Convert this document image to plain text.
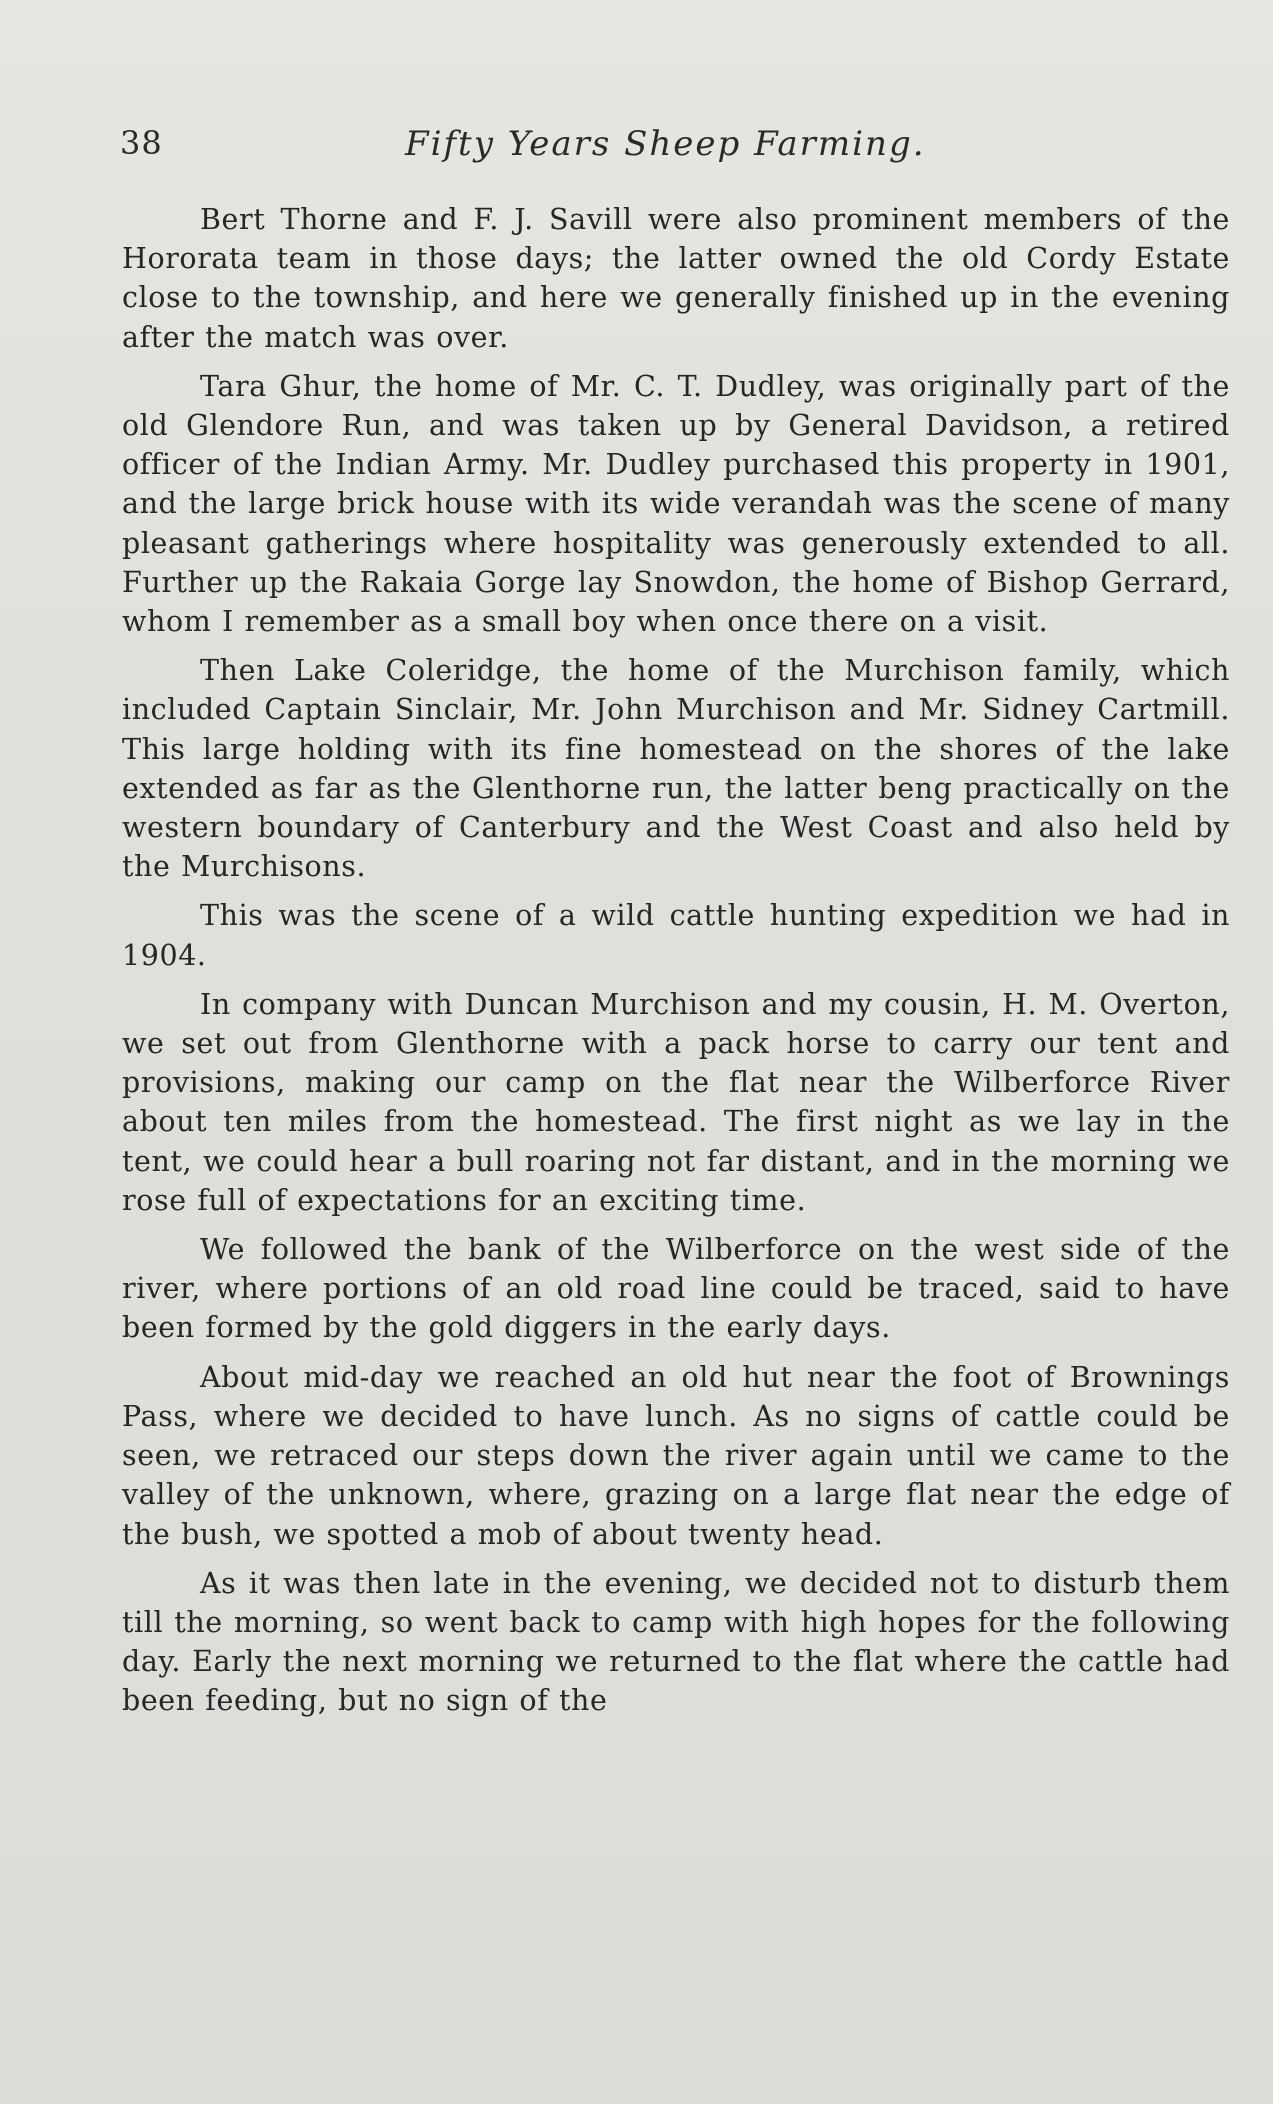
38	Fifty Years Sheep Farming.

Bert Thorne and F. J. Savill were also prominent members of the Hororata team in those days; the latter owned the old Cordy Estate close to the township, and here we generally finished up in the evening after the match was over.

Tara Ghur, the home of Mr. C. T. Dudley, was originally part of the old Glendore Run, and was taken up by General Davidson, a retired officer of the Indian Army. Mr. Dudley purchased this property in 1901, and the large brick house with its wide verandah was the scene of many pleasant gatherings where hospitality was generously extended to all. Further up the Rakaia Gorge lay Snowdon, the home of Bishop Gerrard, whom I remember as a small boy when once there on a visit.

Then Lake Coleridge, the home of the Murchison family, which included Captain Sinclair, Mr. John Murchison and Mr. Sidney Cartmill. This large holding with its fine homestead on the shores of the lake extended as far as the Glenthorne run, the latter beng practically on the western boundary of Canterbury and the West Coast and also held by the Murchisons.

This was the scene of a wild cattle hunting expedition we had in 1904.

In company with Duncan Murchison and my cousin, H. M. Overton, we set out from Glenthorne with a pack horse to carry our tent and provisions, making our camp on the flat near the Wilberforce River about ten miles from the homestead. The first night as we lay in the tent, we could hear a bull roaring not far distant, and in the morning we rose full of expectations for an exciting time.

We followed the bank of the Wilberforce on the west side of the river, where portions of an old road line could be traced, said to have been formed by the gold diggers in the early days.

About mid-day we reached an old hut near the foot of Brownings Pass, where we decided to have lunch. As no signs of cattle could be seen, we retraced our steps down the river again until we came to the valley of the unknown, where, grazing on a large flat near the edge of the bush, we spotted a mob of about twenty head.

As it was then late in the evening, we decided not to disturb them till the morning, so went back to camp with high hopes for the following day. Early the next morning we returned to the flat where the cattle had been feeding, but no sign of the
